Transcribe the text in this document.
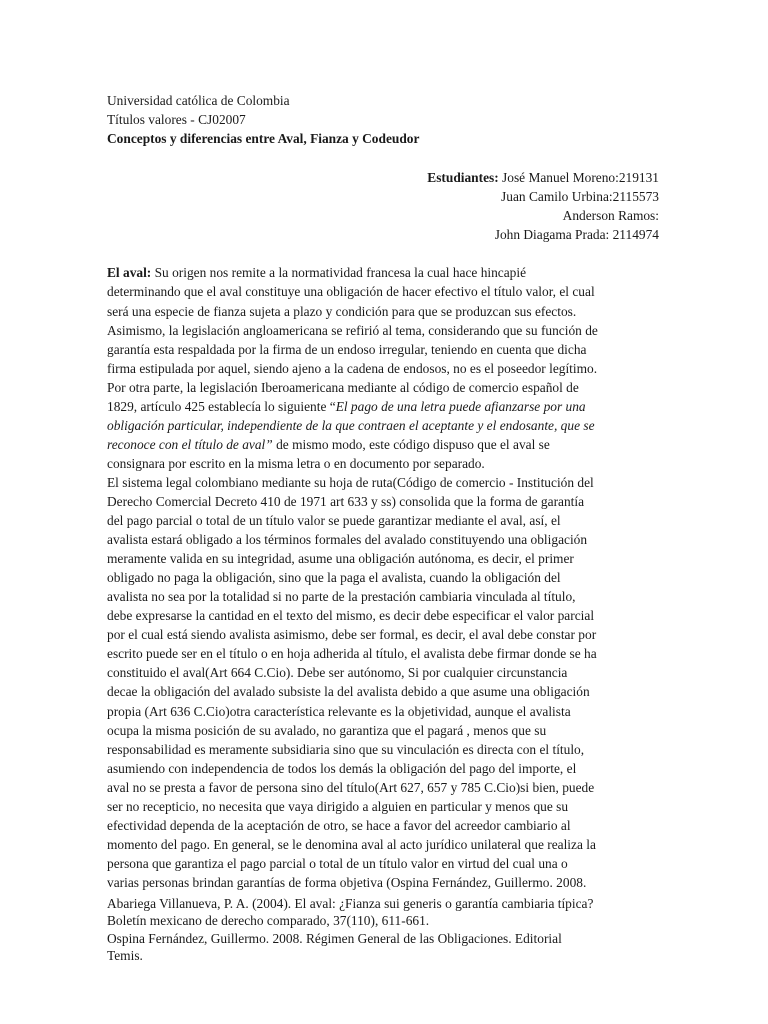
Universidad católica de Colombia
Títulos valores - CJ02007
Conceptos y diferencias entre Aval, Fianza y Codeudor
Estudiantes: José Manuel Moreno:219131
Juan Camilo Urbina:2115573
Anderson Ramos:
John Diagama Prada: 2114974
El aval: Su origen nos remite a la normatividad francesa la cual hace hincapié
determinando que el aval constituye una obligación de hacer efectivo el título valor, el cual
será una especie de fianza sujeta a plazo y condición para que se produzcan sus efectos.
Asimismo, la legislación angloamericana se refirió al tema, considerando que su función de
garantía esta respaldada por la firma de un endoso irregular, teniendo en cuenta que dicha
firma estipulada por aquel, siendo ajeno a la cadena de endosos, no es el poseedor legítimo.
Por otra parte, la legislación Iberoamericana mediante al código de comercio español de
1829, artículo 425 establecía lo siguiente “El pago de una letra puede afianzarse por una
obligación particular, independiente de la que contraen el aceptante y el endosante, que se
reconoce con el título de aval” de mismo modo, este código dispuso que el aval se
consignara por escrito en la misma letra o en documento por separado.
El sistema legal colombiano mediante su hoja de ruta(Código de comercio - Institución del
Derecho Comercial Decreto 410 de 1971 art 633 y ss) consolida que la forma de garantía
del pago parcial o total de un título valor se puede garantizar mediante el aval, así, el
avalista estará obligado a los términos formales del avalado constituyendo una obligación
meramente valida en su integridad, asume una obligación autónoma, es decir, el primer
obligado no paga la obligación, sino que la paga el avalista, cuando la obligación del
avalista no sea por la totalidad si no parte de la prestación cambiaria vinculada al título,
debe expresarse la cantidad en el texto del mismo, es decir debe especificar el valor parcial
por el cual está siendo avalista asimismo, debe ser formal, es decir, el aval debe constar por
escrito puede ser en el título o en hoja adherida al título, el avalista debe firmar donde se ha
constituido el aval(Art 664 C.Cio). Debe ser autónomo, Si por cualquier circunstancia
decae la obligación del avalado subsiste la del avalista debido a que asume una obligación
propia (Art 636 C.Cio)otra característica relevante es la objetividad, aunque el avalista
ocupa la misma posición de su avalado, no garantiza que el pagará , menos que su
responsabilidad es meramente subsidiaria sino que su vinculación es directa con el título,
asumiendo con independencia de todos los demás la obligación del pago del importe, el
aval no se presta a favor de persona sino del título(Art 627, 657 y 785 C.Cio)si bien, puede
ser no recepticio, no necesita que vaya dirigido a alguien en particular y menos que su
efectividad dependa de la aceptación de otro, se hace a favor del acreedor cambiario al
momento del pago. En general, se le denomina aval al acto jurídico unilateral que realiza la
persona que garantiza el pago parcial o total de un título valor en virtud del cual una o
varias personas brindan garantías de forma objetiva (Ospina Fernández, Guillermo. 2008.
Abariega Villanueva, P. A. (2004). El aval: ¿Fianza sui generis o garantía cambiaria típica?
Boletín mexicano de derecho comparado, 37(110), 611-661.
Ospina Fernández, Guillermo. 2008. Régimen General de las Obligaciones. Editorial
Temis.
